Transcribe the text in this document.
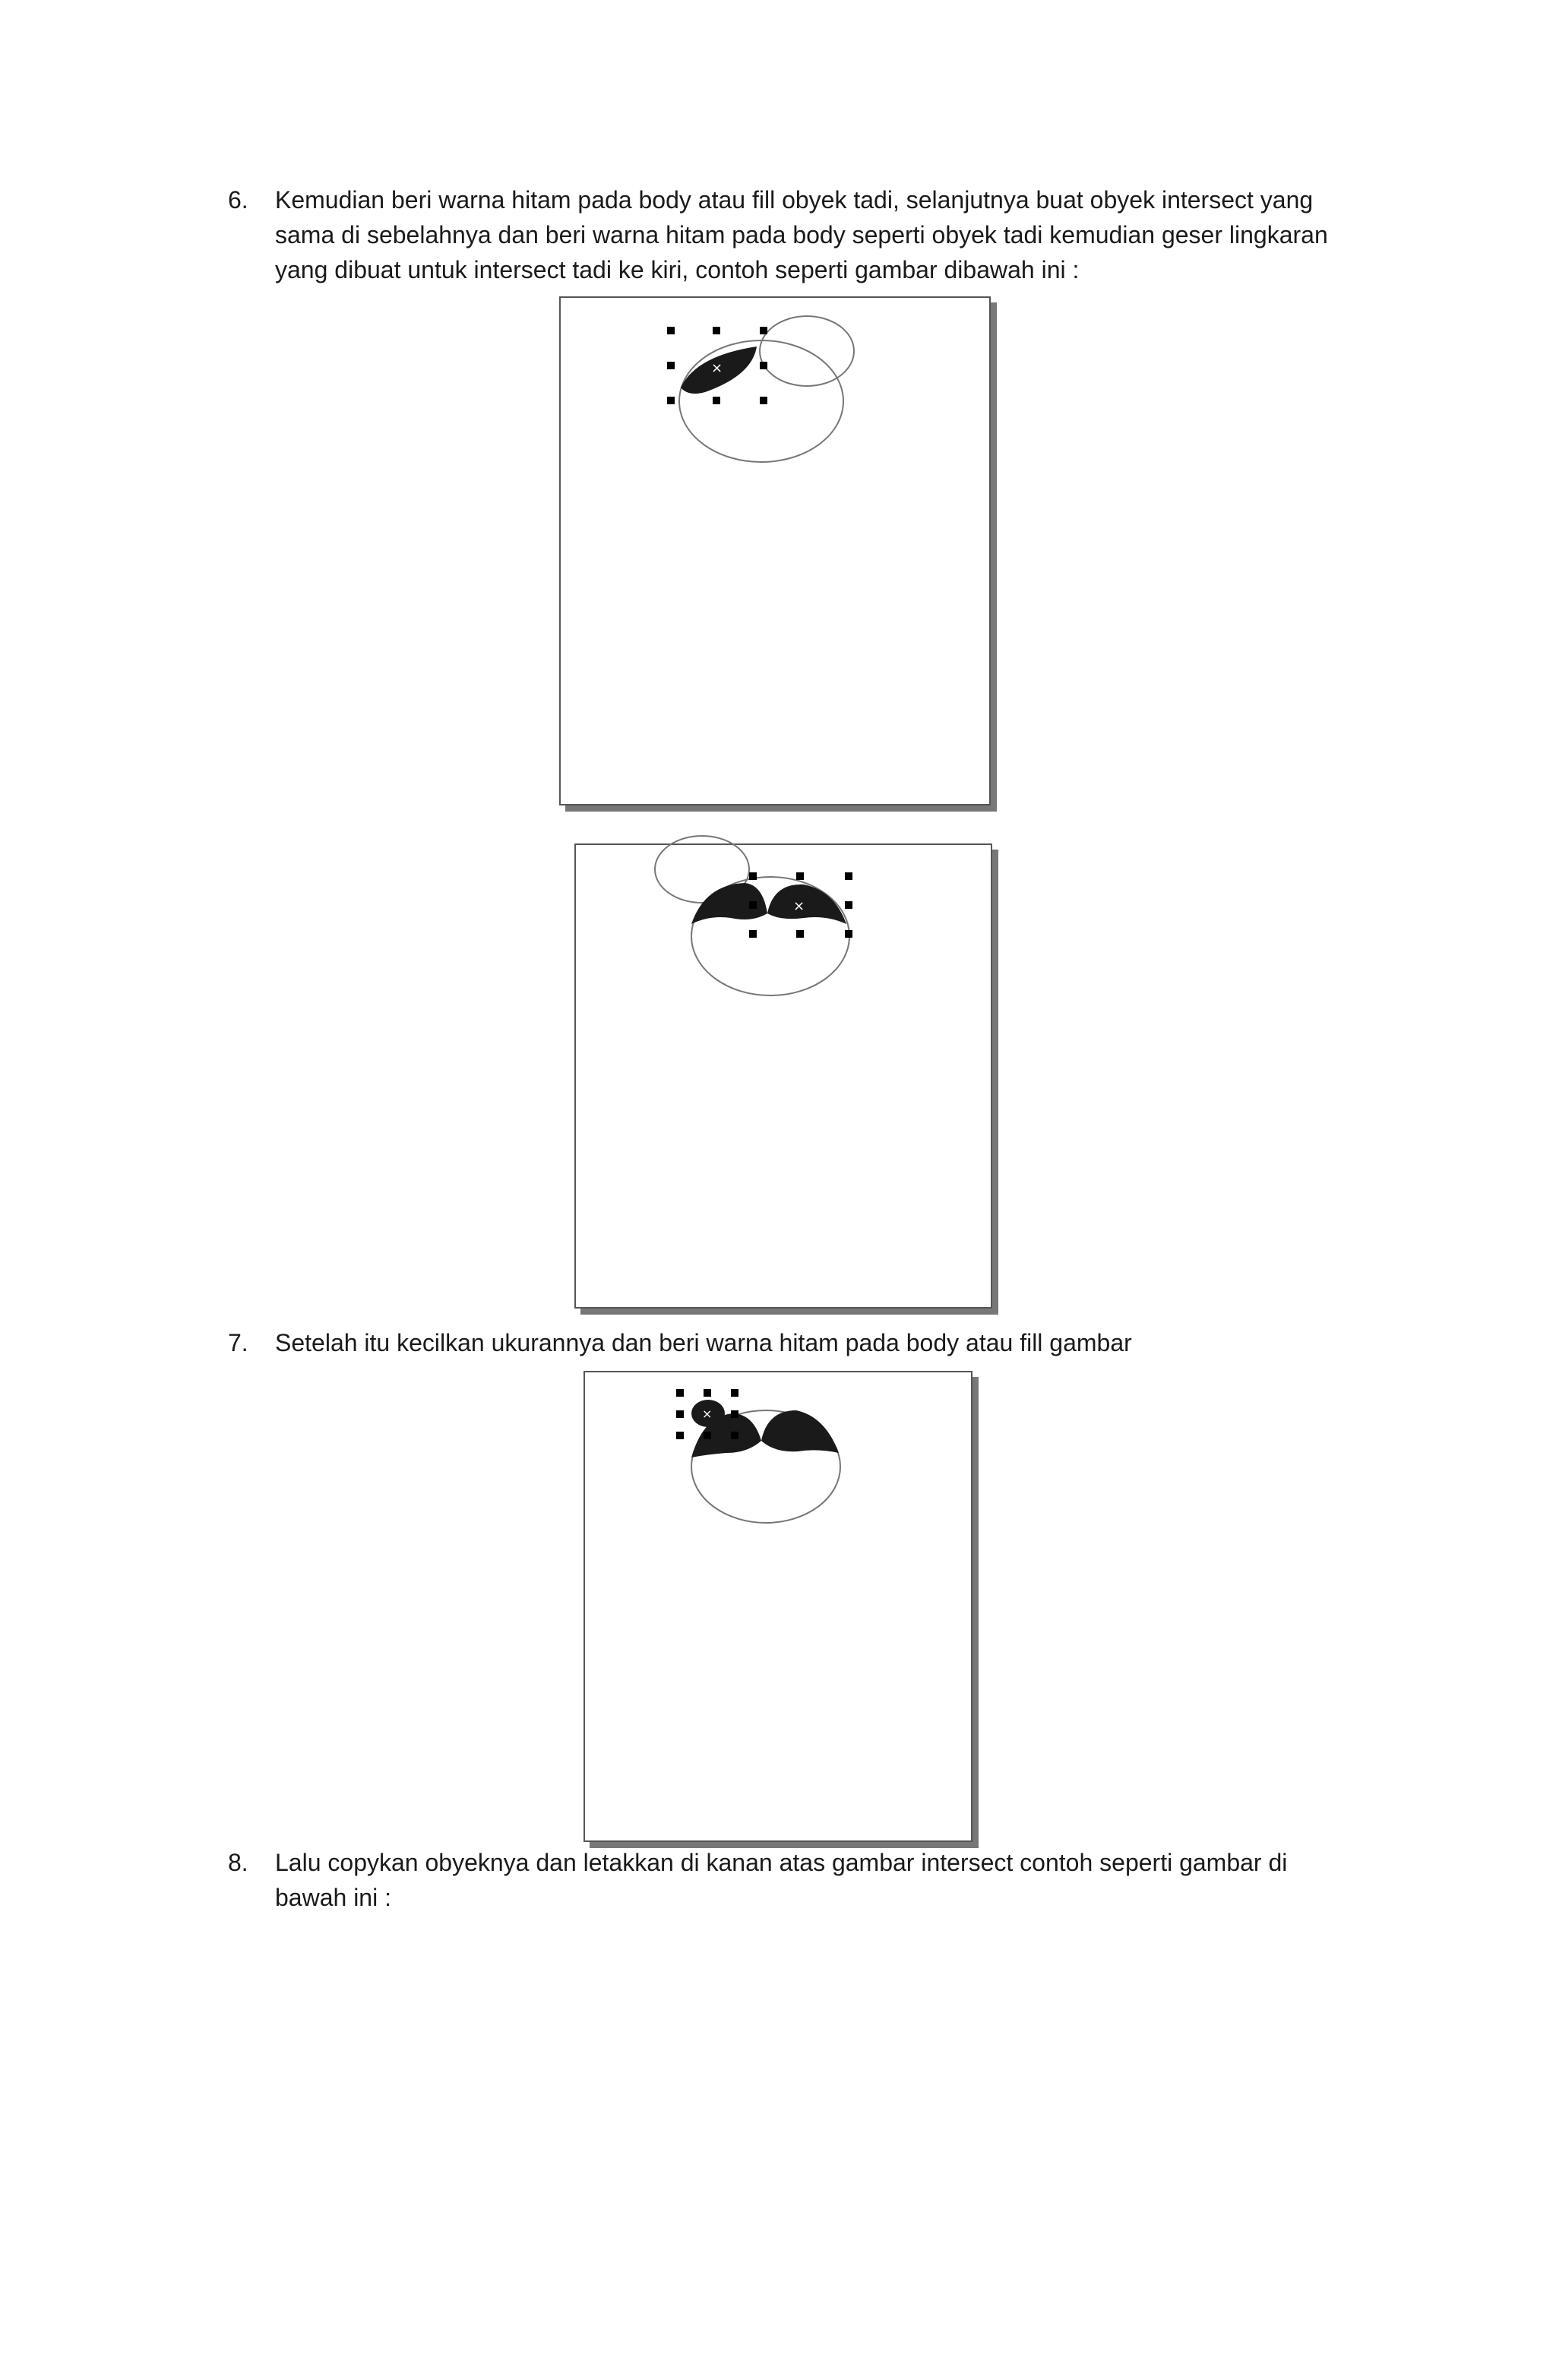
6. Kemudian beri warna hitam pada body atau fill obyek tadi, selanjutnya buat obyek intersect yang sama di sebelahnya dan beri warna hitam pada body seperti obyek tadi kemudian geser lingkaran yang dibuat untuk intersect tadi ke kiri, contoh seperti gambar dibawah ini :
×
×
7. Setelah itu kecilkan ukurannya dan beri warna hitam pada body atau fill gambar
×
8. Lalu copykan obyeknya dan letakkan di kanan atas gambar intersect contoh seperti gambar di bawah ini :
